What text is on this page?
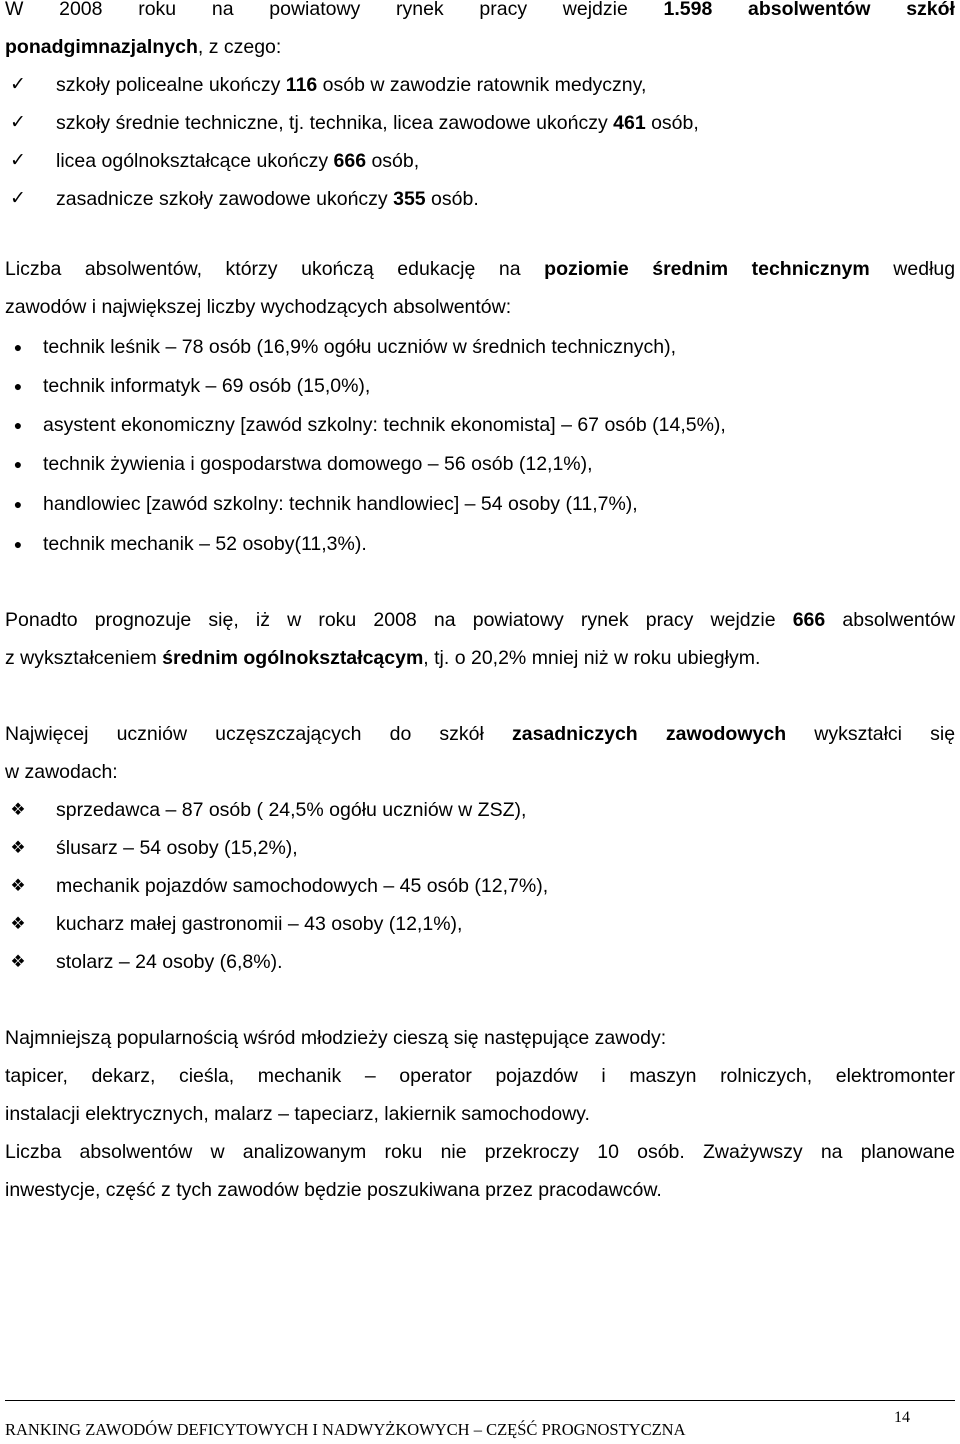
W 2008 roku na powiatowy rynek pracy wejdzie 1.598 absolwentów szkół
ponadgimnazjalnych, z czego:
✓ szkoły policealne ukończy 116 osób w zawodzie ratownik medyczny,
✓ szkoły średnie techniczne, tj. technika, licea zawodowe ukończy 461 osób,
✓ licea ogólnokształcące ukończy 666 osób,
✓ zasadnicze szkoły zawodowe ukończy 355 osób.
Liczba absolwentów, którzy ukończą edukację na poziomie średnim technicznym według
zawodów i największej liczby wychodzących absolwentów:
●	technik leśnik – 78 osób (16,9% ogółu uczniów w średnich technicznych),
●	technik informatyk – 69 osób (15,0%),
●	asystent ekonomiczny [zawód szkolny: technik ekonomista] – 67 osób (14,5%),
●	technik żywienia i gospodarstwa domowego – 56 osób (12,1%),
●	handlowiec [zawód szkolny: technik handlowiec] – 54 osoby (11,7%),
●	technik mechanik – 52 osoby(11,3%).
Ponadto prognozuje się, iż w roku 2008 na powiatowy rynek pracy wejdzie 666 absolwentów
z wykształceniem średnim ogólnokształcącym, tj. o 20,2% mniej niż w roku ubiegłym.
Najwięcej uczniów uczęszczających do szkół zasadniczych zawodowych wykształci się
w zawodach:
❖ sprzedawca – 87 osób ( 24,5% ogółu uczniów w ZSZ),
❖ ślusarz – 54 osoby (15,2%),
❖ mechanik pojazdów samochodowych – 45 osób (12,7%),
❖ kucharz małej gastronomii – 43 osoby (12,1%),
❖ stolarz – 24 osoby (6,8%).
Najmniejszą popularnością wśród młodzieży cieszą się następujące zawody:
tapicer, dekarz, cieśla, mechanik – operator pojazdów i maszyn rolniczych, elektromonter
instalacji elektrycznych, malarz – tapeciarz, lakiernik samochodowy.
Liczba absolwentów w analizowanym roku nie przekroczy 10 osób. Zważywszy na planowane
inwestycje, część z tych zawodów będzie poszukiwana przez pracodawców.
RANKING ZAWODÓW DEFICYTOWYCH I NADWYŻKOWYCH – CZĘŚĆ PROGNOSTYCZNA
14
